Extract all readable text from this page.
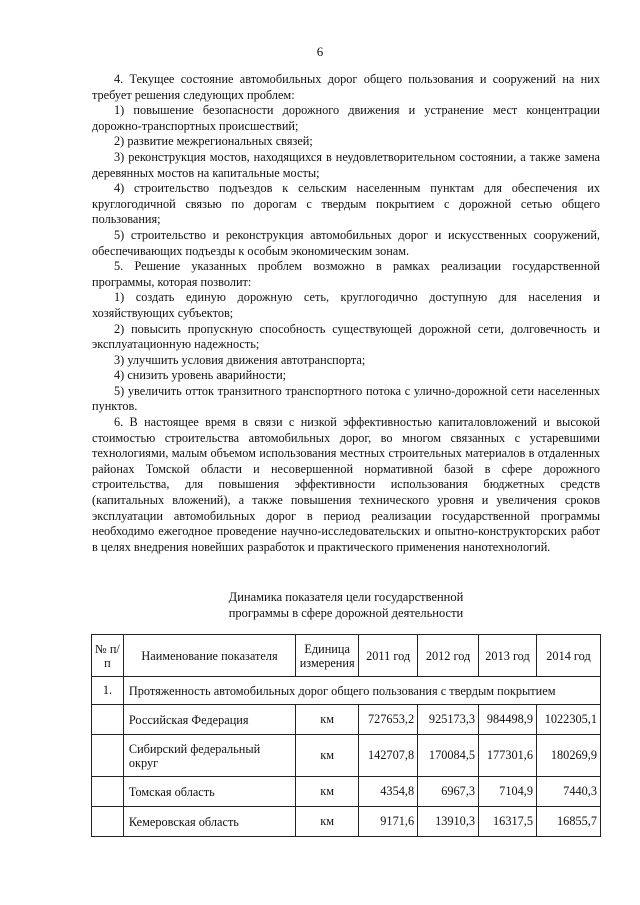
6

4. Текущее состояние автомобильных дорог общего пользования и сооружений на них требует решения следующих проблем:

1) повышение безопасности дорожного движения и устранение мест концентрации дорожно-транспортных происшествий;

2) развитие межрегиональных связей;

3) реконструкция мостов, находящихся в неудовлетворительном состоянии, а также замена деревянных мостов на капитальные мосты;

4) строительство подъездов к сельским населенным пунктам для обеспечения их круглогодичной связью по дорогам с твердым покрытием с дорожной сетью общего пользования;

5) строительство и реконструкция автомобильных дорог и искусственных сооружений, обеспечивающих подъезды к особым экономическим зонам.

5. Решение указанных проблем возможно в рамках реализации государственной программы, которая позволит:

1) создать единую дорожную сеть, круглогодично доступную для населения и хозяйствующих субъектов;

2) повысить пропускную способность существующей дорожной сети, долговечность и эксплуатационную надежность;

3) улучшить условия движения автотранспорта;

4) снизить уровень аварийности;

5) увеличить отток транзитного транспортного потока с улично-дорожной сети населенных пунктов.

6. В настоящее время в связи с низкой эффективностью капиталовложений и высокой стоимостью строительства автомобильных дорог, во многом связанных с устаревшими технологиями, малым объемом использования местных строительных материалов в отдаленных районах Томской области и несовершенной нормативной базой в сфере дорожного строительства, для повышения эффективности использования бюджетных средств (капитальных вложений), а также повышения технического уровня и увеличения сроков эксплуатации автомобильных дорог в период реализации государственной программы необходимо ежегодное проведение научно-исследовательских и опытно-конструкторских работ в целях внедрения новейших разработок и практического применения нанотехнологий.

Динамика показателя цели государственной
программы в сфере дорожной деятельности
№ п/п	Наименование показателя	Единица измерения	2011 год	2012 год	2013 год	2014 год
1.	Протяженность автомобильных дорог общего пользования с твердым покрытием					
	Российская Федерация	км	727653,2	925173,3	984498,9	1022305,1
	Сибирский федеральный округ	км	142707,8	170084,5	177301,6	180269,9
	Томская область	км	4354,8	6967,3	7104,9	7440,3
	Кемеровская область	км	9171,6	13910,3	16317,5	16855,7
